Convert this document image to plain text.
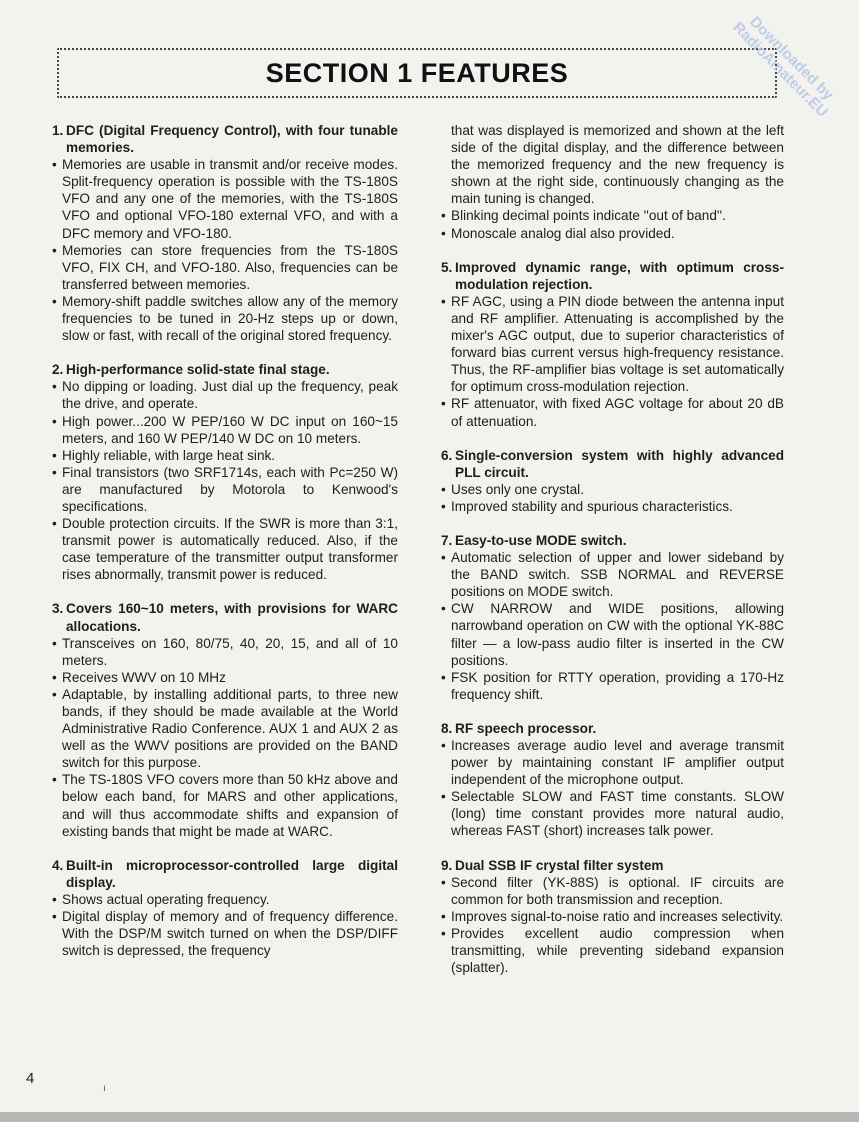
SECTION 1 FEATURES	Downloaded by RadioAmateur.EU
1. DFC (Digital Frequency Control), with four tunable memories.
• Memories are usable in transmit and/or receive modes. Split-frequency operation is possible with the TS-180S VFO and any one of the memories, with the TS-180S VFO and optional VFO-180 external VFO, and with a DFC memory and VFO-180.
• Memories can store frequencies from the TS-180S VFO, FIX CH, and VFO-180. Also, frequencies can be transferred between memories.
• Memory-shift paddle switches allow any of the memory frequencies to be tuned in 20-Hz steps up or down, slow or fast, with recall of the original stored frequency.
2. High-performance solid-state final stage.
• No dipping or loading. Just dial up the frequency, peak the drive, and operate.
• High power...200 W PEP/160 W DC input on 160~15 meters, and 160 W PEP/140 W DC on 10 meters.
• Highly reliable, with large heat sink.
• Final transistors (two SRF1714s, each with Pc=250 W) are manufactured by Motorola to Kenwood's specifications.
• Double protection circuits. If the SWR is more than 3:1, transmit power is automatically reduced. Also, if the case temperature of the transmitter output transformer rises abnormally, transmit power is reduced.
3. Covers 160~10 meters, with provisions for WARC allocations.
• Transceives on 160, 80/75, 40, 20, 15, and all of 10 meters.
• Receives WWV on 10 MHz
• Adaptable, by installing additional parts, to three new bands, if they should be made available at the World Administrative Radio Conference. AUX 1 and AUX 2 as well as the WWV positions are provided on the BAND switch for this purpose.
• The TS-180S VFO covers more than 50 kHz above and below each band, for MARS and other applications, and will thus accommodate shifts and expansion of existing bands that might be made at WARC.
4. Built-in microprocessor-controlled large digital display.
• Shows actual operating frequency.
• Digital display of memory and of frequency difference. With the DSP/M switch turned on when the DSP/DIFF switch is depressed, the frequency
that was displayed is memorized and shown at the left side of the digital display, and the difference between the memorized frequency and the new frequency is shown at the right side, continuously changing as the main tuning is changed.
• Blinking decimal points indicate ''out of band''.
• Monoscale analog dial also provided.
5. Improved dynamic range, with optimum cross-modulation rejection.
• RF AGC, using a PIN diode between the antenna input and RF amplifier. Attenuating is accomplished by the mixer's AGC output, due to superior characteristics of forward bias current versus high-frequency resistance. Thus, the RF-amplifier bias voltage is set automatically for optimum cross-modulation rejection.
• RF attenuator, with fixed AGC voltage for about 20 dB of attenuation.
6. Single-conversion system with highly advanced PLL circuit.
• Uses only one crystal.
• Improved stability and spurious characteristics.
7. Easy-to-use MODE switch.
• Automatic selection of upper and lower sideband by the BAND switch. SSB NORMAL and REVERSE positions on MODE switch.
• CW NARROW and WIDE positions, allowing narrowband operation on CW with the optional YK-88C filter — a low-pass audio filter is inserted in the CW positions.
• FSK position for RTTY operation, providing a 170-Hz frequency shift.
8. RF speech processor.
• Increases average audio level and average transmit power by maintaining constant IF amplifier output independent of the microphone output.
• Selectable SLOW and FAST time constants. SLOW (long) time constant provides more natural audio, whereas FAST (short) increases talk power.
9. Dual SSB IF crystal filter system
• Second filter (YK-88S) is optional. IF circuits are common for both transmission and reception.
• Improves signal-to-noise ratio and increases selectivity.
• Provides excellent audio compression when transmitting, while preventing sideband expansion (splatter).
4
ı
